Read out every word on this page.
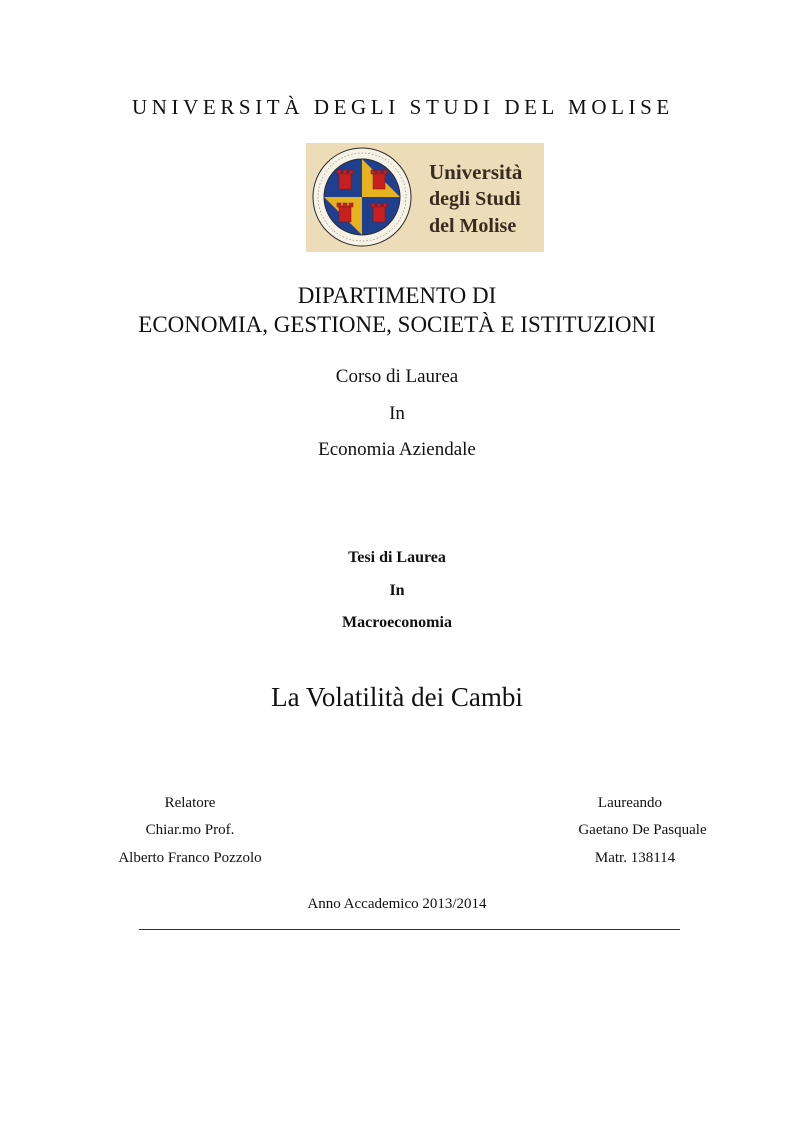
UNIVERSITÀ DEGLI STUDI DEL MOLISE
Università
degli Studi
del Molise
DIPARTIMENTO DI
ECONOMIA, GESTIONE, SOCIETÀ E ISTITUZIONI
Corso di Laurea
In
Economia Aziendale
Tesi di Laurea
In
Macroeconomia
La Volatilità dei Cambi
Relatore
Chiar.mo Prof.
Alberto Franco Pozzolo
Laureando
Gaetano De Pasquale
Matr. 138114
Anno Accademico 2013/2014
